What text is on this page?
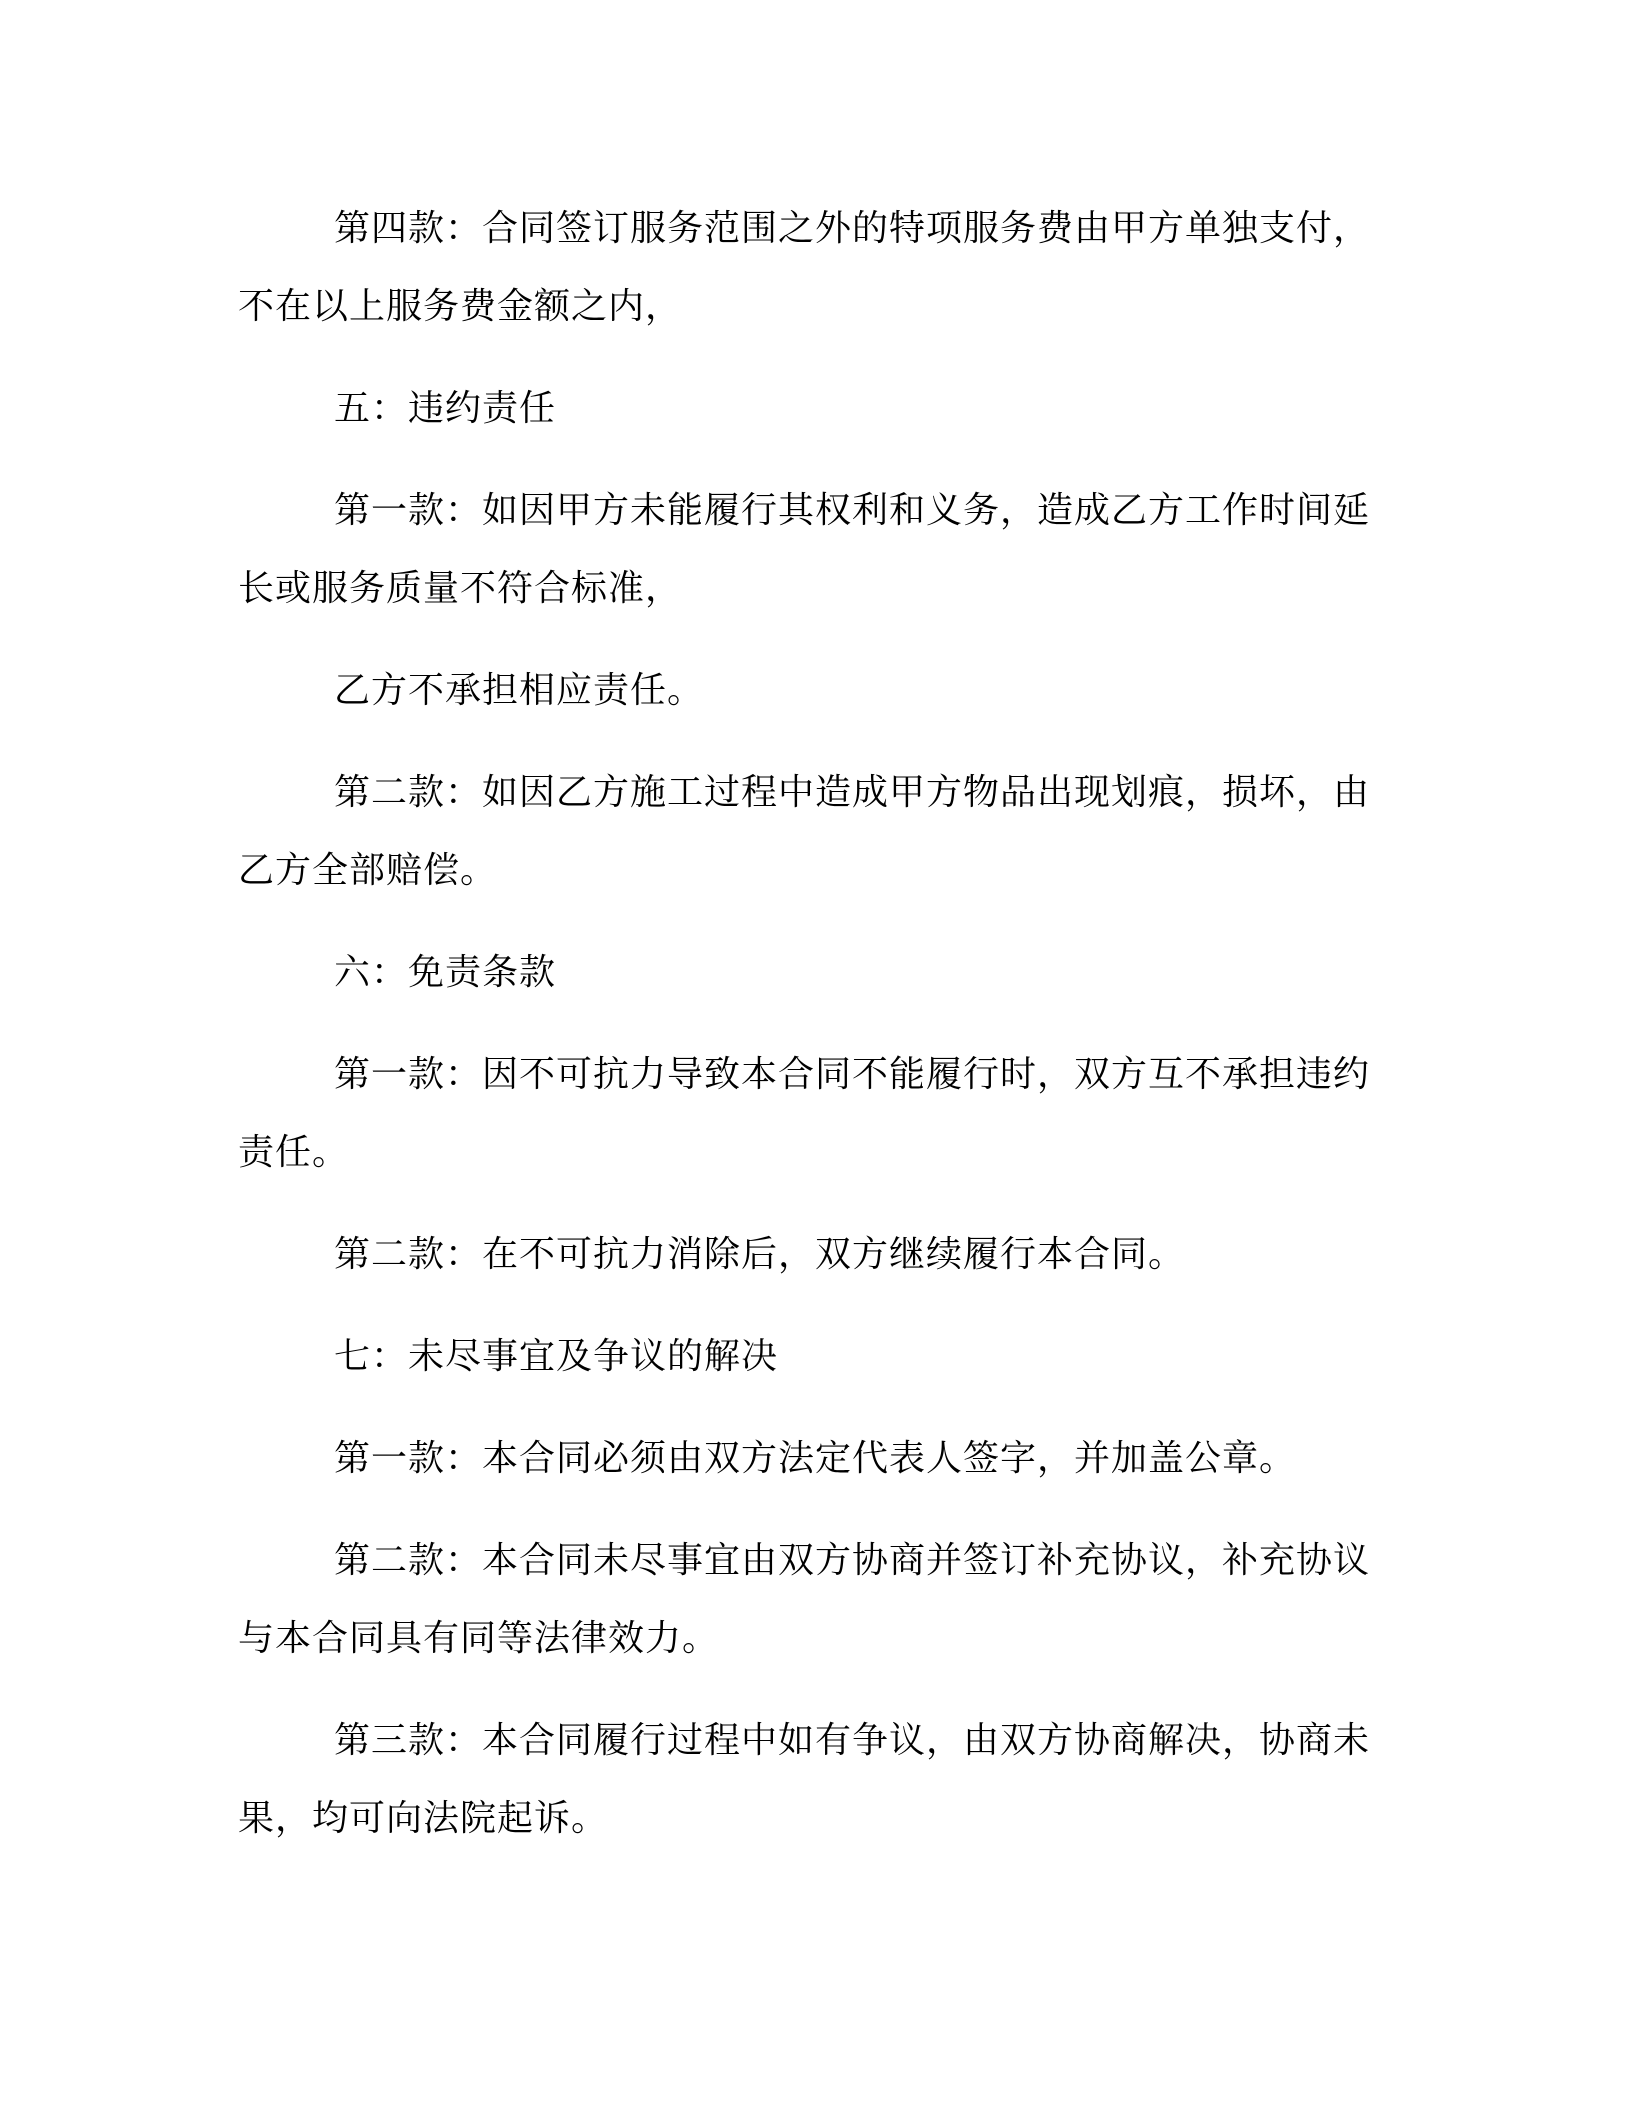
第四款：合同签订服务范围之外的特项服务费由甲方单独支付，不在以上服务费金额之内，

五：违约责任

第一款：如因甲方未能履行其权利和义务，造成乙方工作时间延长或服务质量不符合标准，

乙方不承担相应责任。

第二款：如因乙方施工过程中造成甲方物品出现划痕，损坏，由乙方全部赔偿。

六：免责条款

第一款：因不可抗力导致本合同不能履行时，双方互不承担违约责任。

第二款：在不可抗力消除后，双方继续履行本合同。

七：未尽事宜及争议的解决

第一款：本合同必须由双方法定代表人签字，并加盖公章。

第二款：本合同未尽事宜由双方协商并签订补充协议，补充协议与本合同具有同等法律效力。

第三款：本合同履行过程中如有争议，由双方协商解决，协商未果，均可向法院起诉。
